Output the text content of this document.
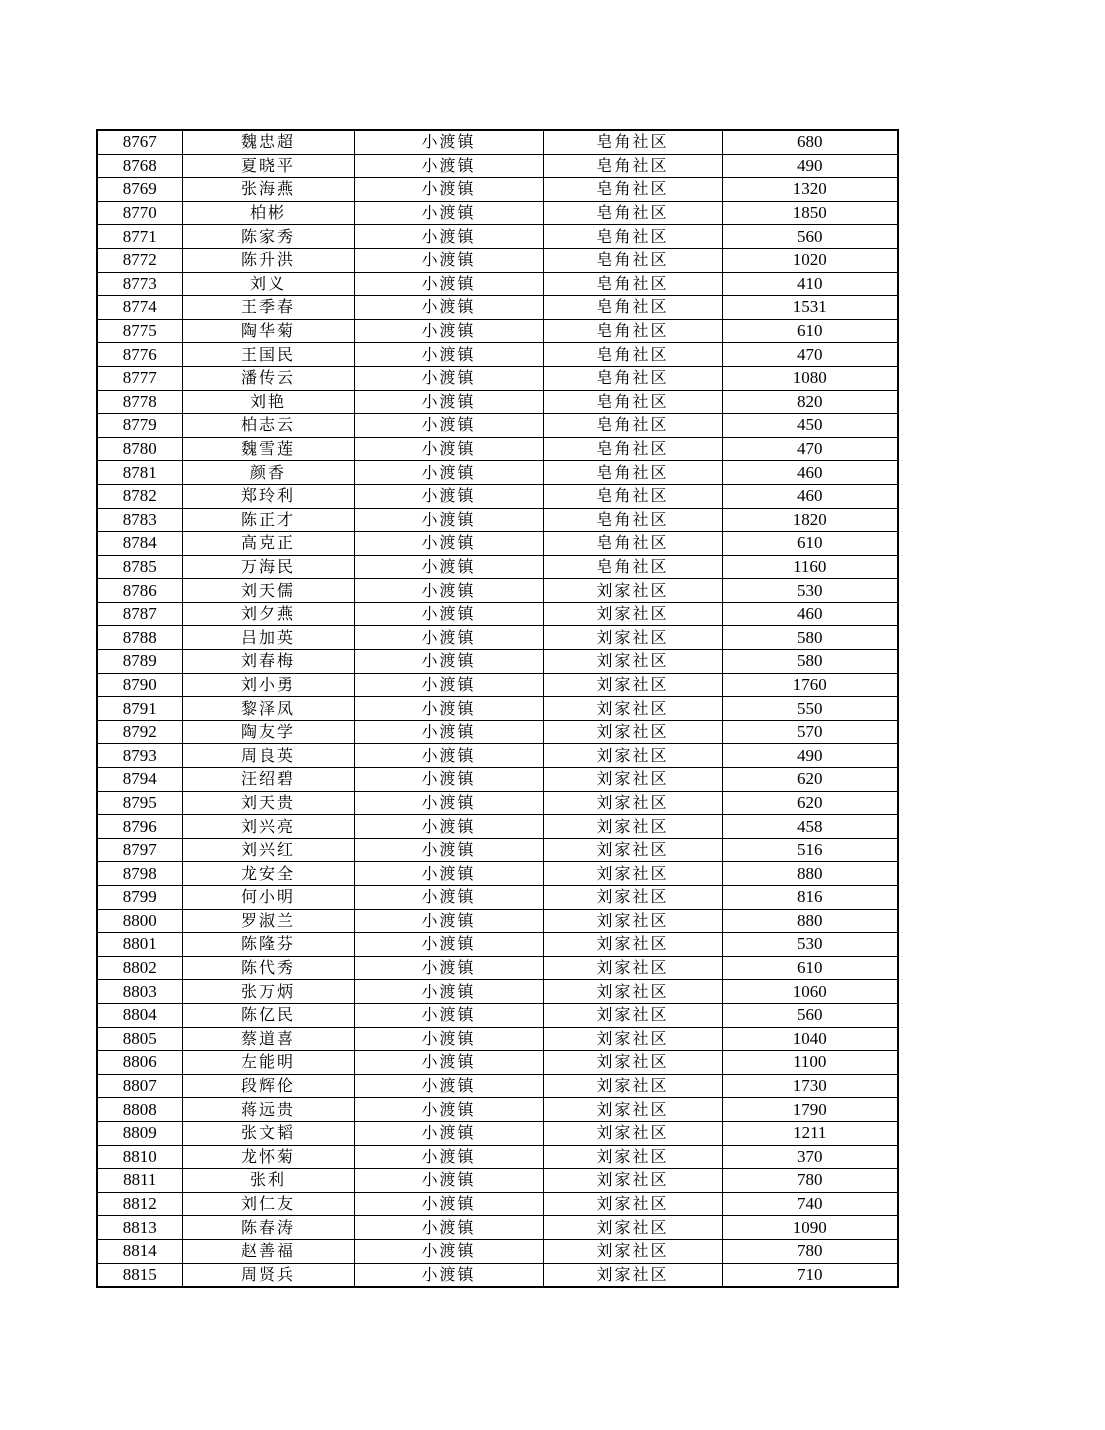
8767	魏忠超	小渡镇	皂角社区	680
8768	夏晓平	小渡镇	皂角社区	490
8769	张海燕	小渡镇	皂角社区	1320
8770	柏彬	小渡镇	皂角社区	1850
8771	陈家秀	小渡镇	皂角社区	560
8772	陈升洪	小渡镇	皂角社区	1020
8773	刘义	小渡镇	皂角社区	410
8774	王季春	小渡镇	皂角社区	1531
8775	陶华菊	小渡镇	皂角社区	610
8776	王国民	小渡镇	皂角社区	470
8777	潘传云	小渡镇	皂角社区	1080
8778	刘艳	小渡镇	皂角社区	820
8779	柏志云	小渡镇	皂角社区	450
8780	魏雪莲	小渡镇	皂角社区	470
8781	颜香	小渡镇	皂角社区	460
8782	郑玲利	小渡镇	皂角社区	460
8783	陈正才	小渡镇	皂角社区	1820
8784	高克正	小渡镇	皂角社区	610
8785	万海民	小渡镇	皂角社区	1160
8786	刘天儒	小渡镇	刘家社区	530
8787	刘夕燕	小渡镇	刘家社区	460
8788	吕加英	小渡镇	刘家社区	580
8789	刘春梅	小渡镇	刘家社区	580
8790	刘小勇	小渡镇	刘家社区	1760
8791	黎泽凤	小渡镇	刘家社区	550
8792	陶友学	小渡镇	刘家社区	570
8793	周良英	小渡镇	刘家社区	490
8794	汪绍碧	小渡镇	刘家社区	620
8795	刘天贵	小渡镇	刘家社区	620
8796	刘兴亮	小渡镇	刘家社区	458
8797	刘兴红	小渡镇	刘家社区	516
8798	龙安全	小渡镇	刘家社区	880
8799	何小明	小渡镇	刘家社区	816
8800	罗淑兰	小渡镇	刘家社区	880
8801	陈隆芬	小渡镇	刘家社区	530
8802	陈代秀	小渡镇	刘家社区	610
8803	张万炳	小渡镇	刘家社区	1060
8804	陈亿民	小渡镇	刘家社区	560
8805	蔡道喜	小渡镇	刘家社区	1040
8806	左能明	小渡镇	刘家社区	1100
8807	段辉伦	小渡镇	刘家社区	1730
8808	蒋远贵	小渡镇	刘家社区	1790
8809	张文韬	小渡镇	刘家社区	1211
8810	龙怀菊	小渡镇	刘家社区	370
8811	张利	小渡镇	刘家社区	780
8812	刘仁友	小渡镇	刘家社区	740
8813	陈春涛	小渡镇	刘家社区	1090
8814	赵善福	小渡镇	刘家社区	780
8815	周贤兵	小渡镇	刘家社区	710
